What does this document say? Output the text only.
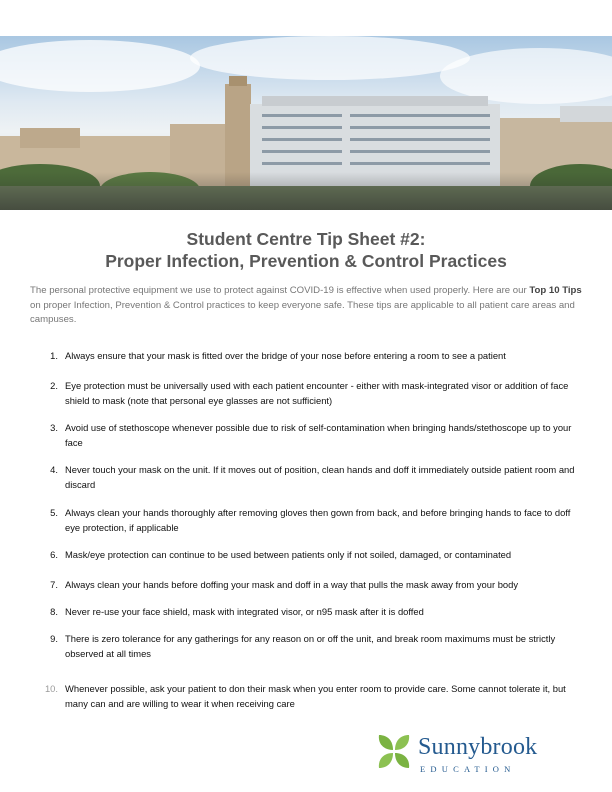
Student Centre Tip Sheet #2:
Proper Infection, Prevention & Control Practices
The personal protective equipment we use to protect against COVID-19 is effective when used properly. Here are our Top 10 Tips on proper Infection, Prevention & Control practices to keep everyone safe. These tips are applicable to all patient care areas and campuses.
1. Always ensure that your mask is fitted over the bridge of your nose before entering a room to see a patient
2. Eye protection must be universally used with each patient encounter - either with mask-integrated visor or addition of face shield to mask (note that personal eye glasses are not sufficient)
3. Avoid use of stethoscope whenever possible due to risk of self-contamination when bringing hands/stethoscope up to your face
4. Never touch your mask on the unit. If it moves out of position, clean hands and doff it immediately outside patient room and discard
5. Always clean your hands thoroughly after removing gloves then gown from back, and before bringing hands to face to doff eye protection, if applicable
6. Mask/eye protection can continue to be used between patients only if not soiled, damaged, or contaminated
7. Always clean your hands before doffing your mask and doff in a way that pulls the mask away from your body
8. Never re-use your face shield, mask with integrated visor, or n95 mask after it is doffed
9. There is zero tolerance for any gatherings for any reason on or off the unit, and break room maximums must be strictly observed at all times
10. Whenever possible, ask your patient to don their mask when you enter room to provide care. Some cannot tolerate it, but many can and are willing to wear it when receiving care
Sunnybrook
EDUCATION
